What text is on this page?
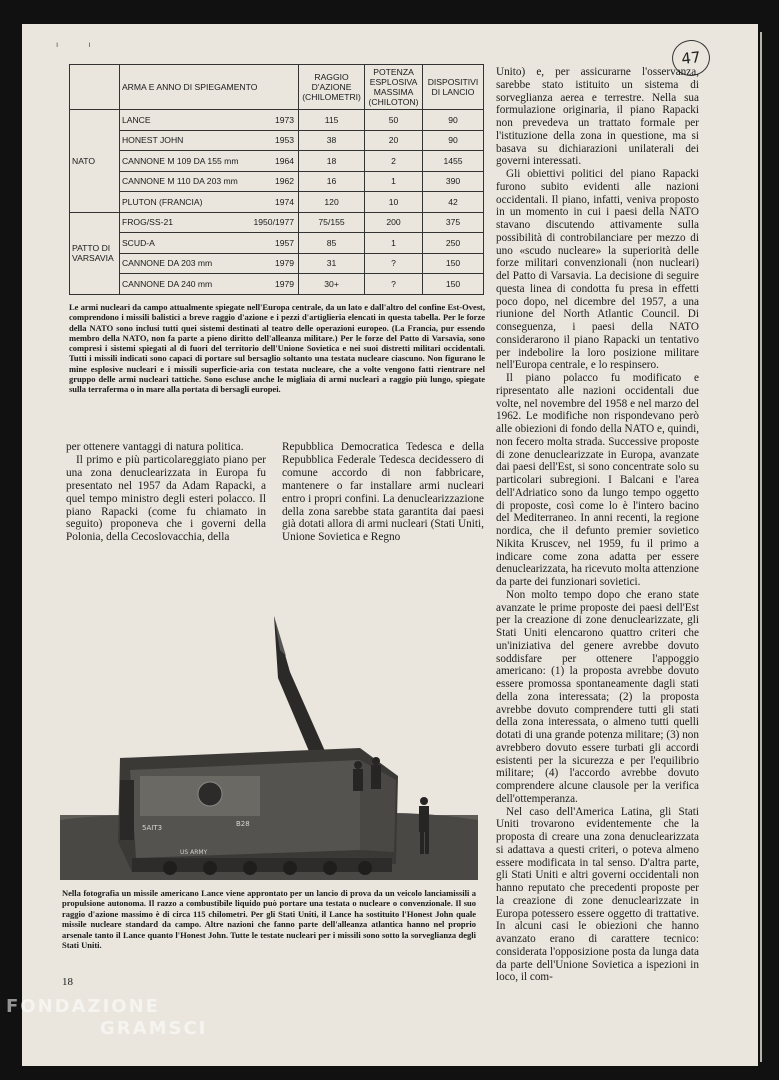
ı	ı
47
	ARMA E ANNO DI SPIEGAMENTO		RAGGIO D'AZIONE (CHILOMETRI)	POTENZA ESPLOSIVA MASSIMA (CHILOTON)	DISPOSITIVI DI LANCIO
NATO	LANCE	1973	115	50	90
	HONEST JOHN	1953	38	20	90
	CANNONE M 109 DA 155 mm	1964	18	2	1455
	CANNONE M 110 DA 203 mm	1962	16	1	390
	PLUTON (FRANCIA)	1974	120	10	42
PATTO DI VARSAVIA	FROG/SS-21	1950/1977	75/155	200	375
	SCUD-A	1957	85	1	250
	CANNONE DA 203 mm	1979	31	?	150
	CANNONE DA 240 mm	1979	30+	?	150
Le armi nucleari da campo attualmente spiegate nell'Europa centrale, da un lato e dall'altro del confine Est-Ovest, comprendono i missili balistici a breve raggio d'azione e i pezzi d'artiglieria elencati in questa tabella. Per le forze della NATO sono inclusi tutti quei sistemi destinati al teatro delle operazioni europeo. (La Francia, pur essendo membro della NATO, non fa parte a pieno diritto dell'alleanza militare.) Per le forze del Patto di Varsavia, sono compresi i sistemi spiegati al di fuori del territorio dell'Unione Sovietica e nei suoi distretti militari occidentali. Tutti i missili indicati sono capaci di portare sul bersaglio soltanto una testata nucleare ciascuno. Non figurano le mine esplosive nucleari e i missili superficie-aria con testata nucleare, che a volte vengono fatti rientrare nel gruppo delle armi nucleari tattiche. Sono escluse anche le migliaia di armi nucleari a raggio più lungo, spiegate sulla terraferma o in mare alla portata di bersagli europei.

per ottenere vantaggi di natura politica.

Il primo e più particolareggiato piano per una zona denuclearizzata in Europa fu presentato nel 1957 da Adam Rapacki, a quel tempo ministro degli esteri polacco. Il piano Rapacki (come fu chiamato in seguito) proponeva che i governi della Polonia, della Cecoslovacchia, della

Repubblica Democratica Tedesca e della Repubblica Federale Tedesca decidessero di comune accordo di non fabbricare, mantenere o far installare armi nucleari entro i propri confini. La denuclearizzazione della zona sarebbe stata garantita dai paesi già dotati allora di armi nucleari (Stati Uniti, Unione Sovietica e Regno

Unito) e, per assicurarne l'osservanza, sarebbe stato istituito un sistema di sorveglianza aerea e terrestre. Nella sua formulazione originaria, il piano Rapacki non prevedeva un trattato formale per l'istituzione della zona in questione, ma si basava su dichiarazioni unilaterali dei governi interessati.

Gli obiettivi politici del piano Rapacki furono subito evidenti alle nazioni occidentali. Il piano, infatti, veniva proposto in un momento in cui i paesi della NATO stavano discutendo attivamente sulla possibilità di controbilanciare per mezzo di uno «scudo nucleare» la superiorità delle forze militari convenzionali (non nucleari) del Patto di Varsavia. La decisione di seguire questa linea di condotta fu presa in effetti poco dopo, nel dicembre del 1957, a una riunione del North Atlantic Council. Di conseguenza, i paesi della NATO considerarono il piano Rapacki un tentativo per indebolire la loro posizione militare nell'Europa centrale, e lo respinsero.

Il piano polacco fu modificato e ripresentato alle nazioni occidentali due volte, nel novembre del 1958 e nel marzo del 1962. Le modifiche non rispondevano però alle obiezioni di fondo della NATO e, quindi, non fecero molta strada. Successive proposte di zone denuclearizzate in Europa, avanzate dai paesi dell'Est, si sono concentrate solo su particolari subregioni. I Balcani e l'area dell'Adriatico sono da lungo tempo oggetto di proposte, così come lo è l'intero bacino del Mediterraneo. In anni recenti, la regione nordica, che il defunto premier sovietico Nikita Kruscev, nel 1959, fu il primo a indicare come zona adatta per essere denuclearizzata, ha ricevuto molta attenzione da parte dei funzionari sovietici.

Non molto tempo dopo che erano state avanzate le prime proposte dei paesi dell'Est per la creazione di zone denuclearizzate, gli Stati Uniti elencarono quattro criteri che un'iniziativa del genere avrebbe dovuto soddisfare per ottenere l'appoggio americano: (1) la proposta avrebbe dovuto essere promossa spontaneamente dagli stati della zona interessata; (2) la proposta avrebbe dovuto comprendere tutti gli stati della zona interessata, o almeno tutti quelli dotati di una grande potenza militare; (3) non avrebbero dovuto essere turbati gli accordi esistenti per la sicurezza e per l'equilibrio militare; (4) l'accordo avrebbe dovuto comprendere alcune clausole per la verifica dell'ottemperanza.

Nel caso dell'America Latina, gli Stati Uniti trovarono evidentemente che la proposta di creare una zona denuclearizzata si adattava a questi criteri, o poteva almeno essere modificata in tal senso. D'altra parte, gli Stati Uniti e altri governi occidentali non hanno reputato che precedenti proposte per la creazione di zone denuclearizzate in Europa potessero essere oggetto di trattative. In alcuni casi le obiezioni che hanno avanzato erano di carattere tecnico: considerata l'opposizione posta da lunga data da parte dell'Unione Sovietica a ispezioni in loco, il com-

5AIT3	B28
US ARMY
Nella fotografia un missile americano Lance viene approntato per un lancio di prova da un veicolo lanciamissili a propulsione autonoma. Il razzo a combustibile liquido può portare una testata o nucleare o convenzionale. Il suo raggio d'azione massimo è di circa 115 chilometri. Per gli Stati Uniti, il Lance ha sostituito l'Honest John quale missile nucleare standard da campo. Altre nazioni che fanno parte dell'alleanza atlantica hanno nel proprio arsenale tanto il Lance quanto l'Honest John. Tutte le testate nucleari per i missili sono sotto la sorveglianza degli Stati Uniti.
18
FONDAZIONE
GRAMSCI
